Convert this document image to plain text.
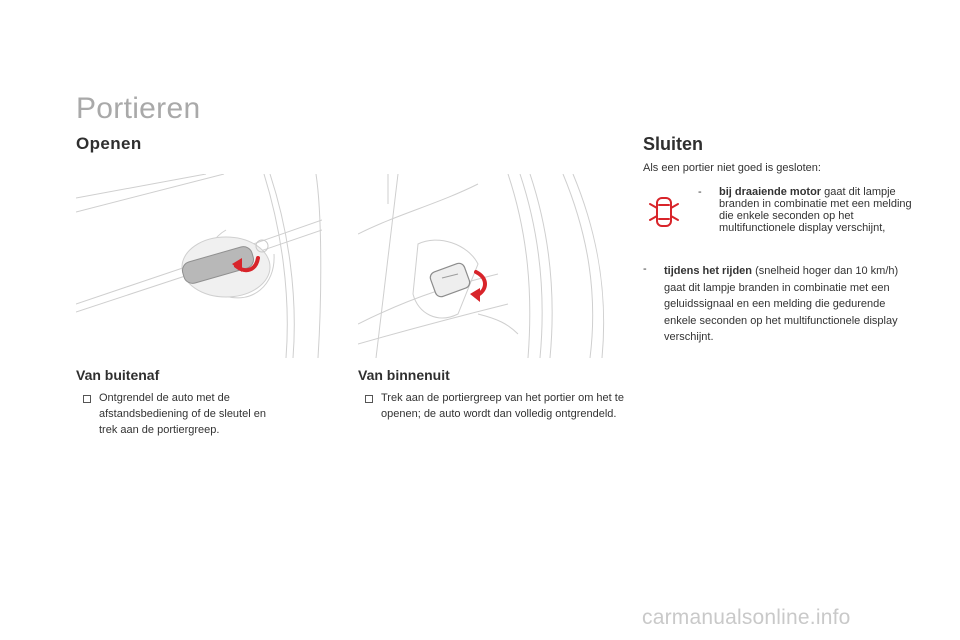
Portieren
Openen	Sluiten
Van buitenaf	Van binnenuit
Ontgrendel de auto met de afstandsbediening of de sleutel en trek aan de portiergreep.
Trek aan de portiergreep van het portier om het te openen; de auto wordt dan volledig ontgrendeld.
Als een portier niet goed is gesloten:
- bij draaiende motor gaat dit lampje branden in combinatie met een melding die enkele seconden op het multifunctionele display verschijnt,
- tijdens het rijden (snelheid hoger dan 10 km/h) gaat dit lampje branden in combinatie met een geluidssignaal en een melding die gedurende enkele seconden op het multifunctionele display verschijnt.
carmanualsonline.info
